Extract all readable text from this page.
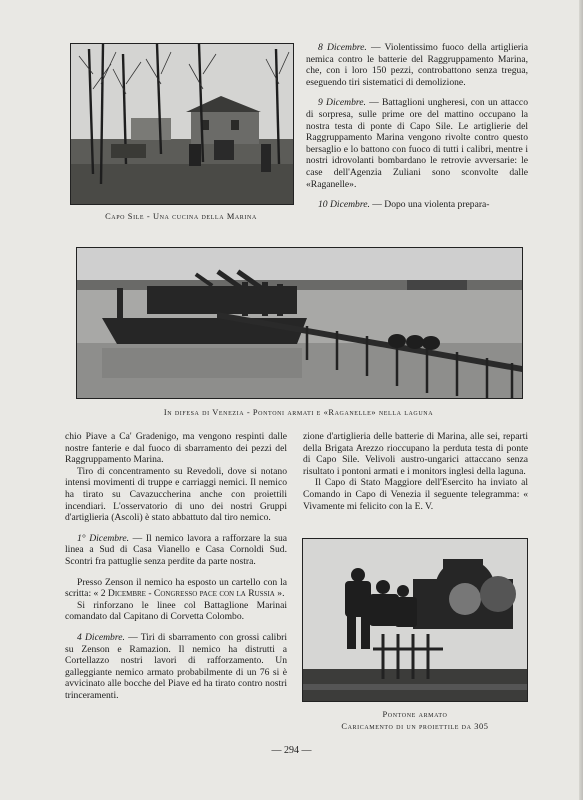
Capo Sile - Una cucina della Marina

8 Dicembre. — Violentissimo fuoco della artiglieria nemica contro le batterie del Raggruppamento Marina, che, con i loro 150 pezzi, controbattono senza tregua, eseguendo tiri sistematici di demolizione.

9 Dicembre. — Battaglioni ungheresi, con un attacco di sorpresa, sulle prime ore del mattino occupano la nostra testa di ponte di Capo Sile. Le artiglierie del Raggruppamento Marina vengono rivolte contro questo bersaglio e lo battono con fuoco di tutti i calibri, mentre i nostri idrovolanti bombardano le retrovie avversarie: le case dell'Agenzia Zuliani sono sconvolte dalle «Raganelle».

10 Dicembre. — Dopo una violenta prepara-

In difesa di Venezia - Pontoni armati e «Raganelle» nella laguna

chio Piave a Ca' Gradenigo, ma vengono respinti dalle nostre fanterie e dal fuoco di sbarramento dei pezzi del Raggruppamento Marina.

Tiro di concentramento su Revedoli, dove si notano intensi movimenti di truppe e carriaggi nemici. Il nemico ha tirato su Cavazuccherina anche con proiettili incendiari. L'osservatorio di uno dei nostri Gruppi d'artiglieria (Ascoli) è stato abbattuto dal tiro nemico.

1° Dicembre. — Il nemico lavora a rafforzare la sua linea a Sud di Casa Vianello e Casa Cornoldi Sud. Scontri fra pattuglie senza perdite da parte nostra.

Presso Zenson il nemico ha esposto un cartello con la scritta: « 2 Dicembre - Congresso pace con la Russia ».

Si rinforzano le linee col Battaglione Marinai comandato dal Capitano di Corvetta Colombo.

4 Dicembre. — Tiri di sbarramento con grossi calibri su Zenson e Ramazion. Il nemico ha distrutti a Cortellazzo nostri lavori di rafforzamento. Un galleggiante nemico armato probabilmente di un 76 si è avvicinato alle bocche del Piave ed ha tirato contro nostri trinceramenti.

zione d'artiglieria delle batterie di Marina, alle sei, reparti della Brigata Arezzo rioccupano la perduta testa di ponte di Capo Sile. Velivoli austro-ungarici attaccano senza risultato i pontoni armati e i monitors inglesi della laguna.

Il Capo di Stato Maggiore dell'Esercito ha inviato al Comando in Capo di Venezia il seguente telegramma: « Vivamente mi felicito con la E. V.

Pontone armato
Caricamento di un proiettile da 305
— 294 —
